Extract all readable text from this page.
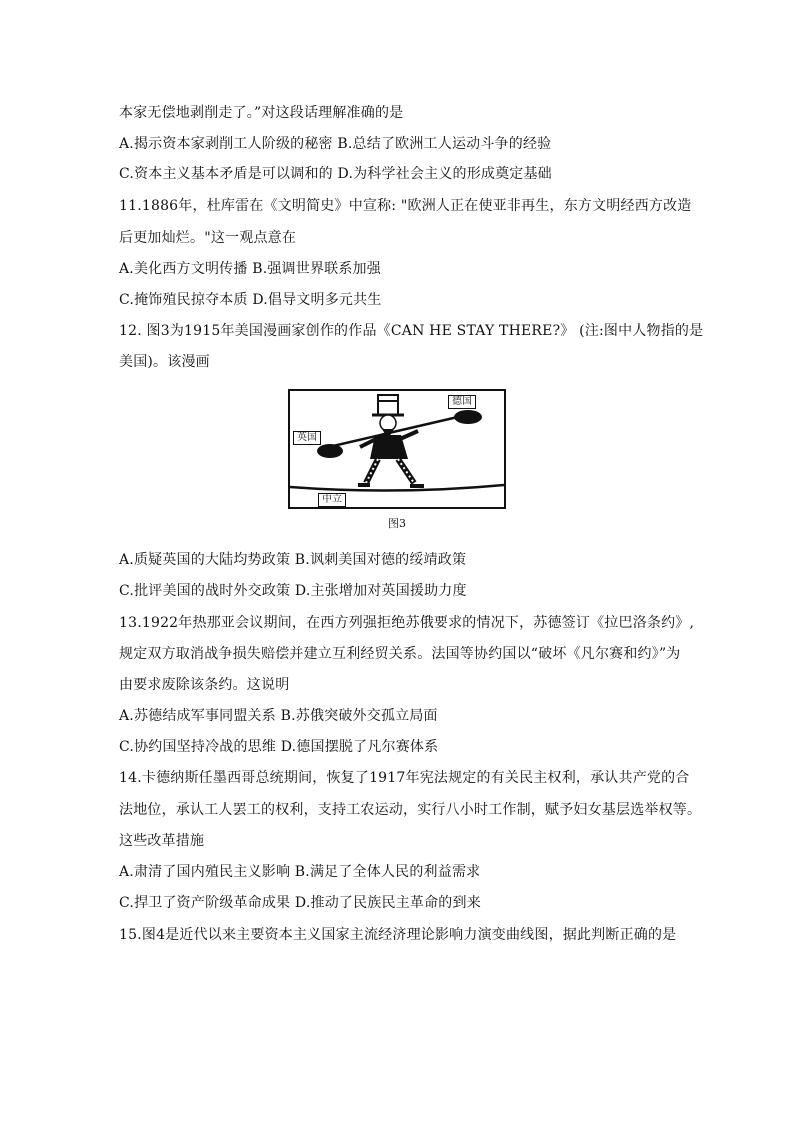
本家无偿地剥削走了。”对这段话理解准确的是
A.揭示资本家剥削工人阶级的秘密 B.总结了欧洲工人运动斗争的经验
C.资本主义基本矛盾是可以调和的 D.为科学社会主义的形成奠定基础
11.1886年，杜库雷在《文明简史》中宣称: "欧洲人正在使亚非再生，东方文明经西方改造
后更加灿烂。"这一观点意在
A.美化西方文明传播 B.强调世界联系加强
C.掩饰殖民掠夺本质 D.倡导文明多元共生
12. 图3为1915年美国漫画家创作的作品《CAN HE STAY THERE?》 (注:图中人物指的是
美国)。该漫画
德国
英国
中立
图3
A.质疑英国的大陆均势政策 B.讽刺美国对德的绥靖政策
C.批评美国的战时外交政策 D.主张增加对英国援助力度
13.1922年热那亚会议期间，在西方列强拒绝苏俄要求的情况下，苏德签订《拉巴洛条约》,
规定双方取消战争损失赔偿并建立互利经贸关系。法国等协约国以“破坏《凡尔赛和约》”为
由要求废除该条约。这说明
A.苏德结成军事同盟关系 B.苏俄突破外交孤立局面
C.协约国坚持冷战的思维 D.德国摆脱了凡尔赛体系
14.卡德纳斯任墨西哥总统期间，恢复了1917年宪法规定的有关民主权利，承认共产党的合
法地位，承认工人罢工的权利，支持工农运动，实行八小时工作制，赋予妇女基层选举权等。
这些改革措施
A.肃清了国内殖民主义影响 B.满足了全体人民的利益需求
C.捍卫了资产阶级革命成果 D.推动了民族民主革命的到来
15.图4是近代以来主要资本主义国家主流经济理论影响力演变曲线图，据此判断正确的是
